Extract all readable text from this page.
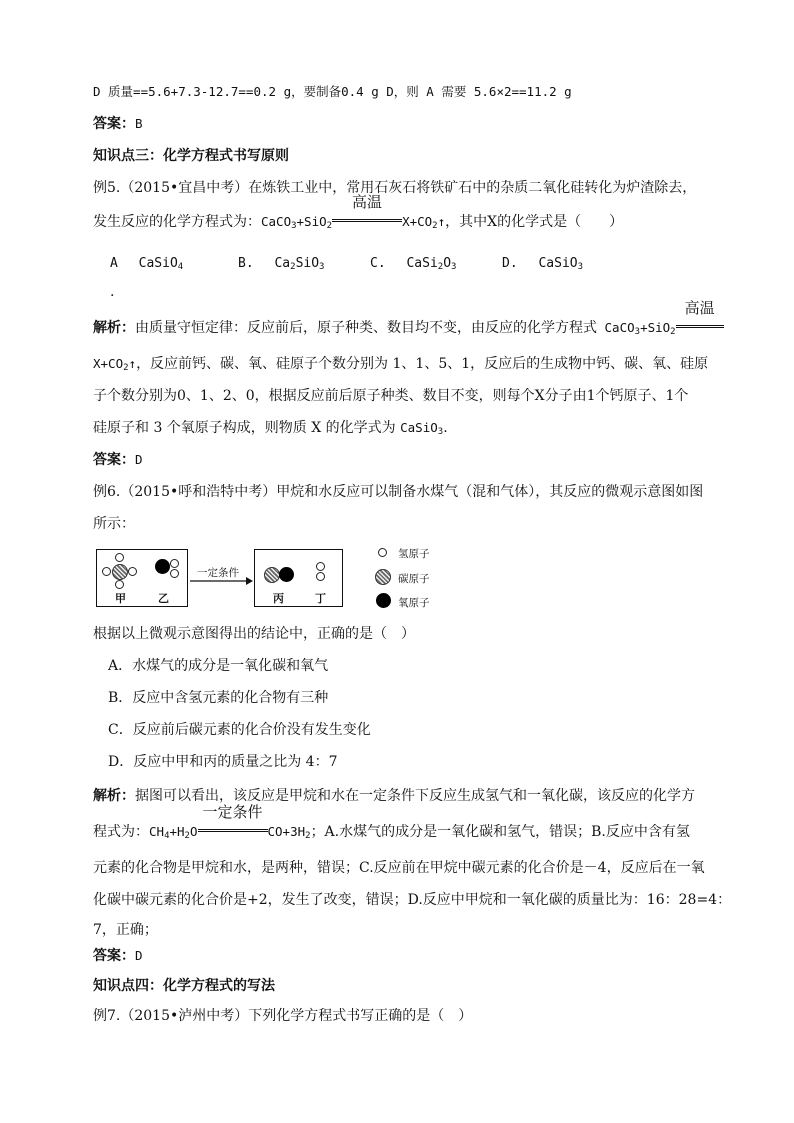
D 质量==5.6+7.3-12.7==0.2 g，要制备0.4 g D，则 A 需要 5.6×2==11.2 g
答案：B
知识点三：化学方程式书写原则
例5.（2015•宜昌中考）在炼铁工业中，常用石灰石将铁矿石中的杂质二氧化硅转化为炉渣除去，
发生反应的化学方程式为：CaCO$_3$+SiO$_2$
高温
$X+CO_2↑$，其中X的化学式是（　　）
A　 CaSiO$_4$	B.　 $Ca_2SiO_3$	C.　 $CaSi_2O_3$	D.　 CaSiO$_3$
.
解析：由质量守恒定律：反应前后，原子种类、数目均不变，由反应的化学方程式 CaCO$_3$+SiO$_2$
高温
$X+CO_2↑$，反应前钙、碳、氧、硅原子个数分别为 1、1、5、1，反应后的生成物中钙、碳、氧、硅原
子个数分别为0、1、2、0，根据反应前后原子种类、数目不变，则每个X分子由1个钙原子、1个
硅原子和 3 个氧原子构成，则物质 X 的化学式为 CaSiO$_3$.
答案：D
例6.（2015•呼和浩特中考）甲烷和水反应可以制备水煤气（混和气体），其反应的微观示意图如图
所示：
甲	乙
一定条件
丙	丁
氢原子
碳原子
氧原子
根据以上微观示意图得出的结论中，正确的是（　）
A．水煤气的成分是一氧化碳和氧气
B．反应中含氢元素的化合物有三种
C．反应前后碳元素的化合价没有发生变化
D．反应中甲和丙的质量之比为 4：7
解析：据图可以看出，该反应是甲烷和水在一定条件下反应生成氢气和一氧化碳，该反应的化学方
程式为：$CH_4+H_2O$
一定条件
$CO+3H_2$；A.水煤气的成分是一氧化碳和氢气，错误；B.反应中含有氢
元素的化合物是甲烷和水，是两种，错误；C.反应前在甲烷中碳元素的化合价是－4，反应后在一氧
化碳中碳元素的化合价是+2，发生了改变，错误；D.反应中甲烷和一氧化碳的质量比为：16：28=4：
7，正确；
答案：D
知识点四：化学方程式的写法
例7.（2015•泸州中考）下列化学方程式书写正确的是（　）
